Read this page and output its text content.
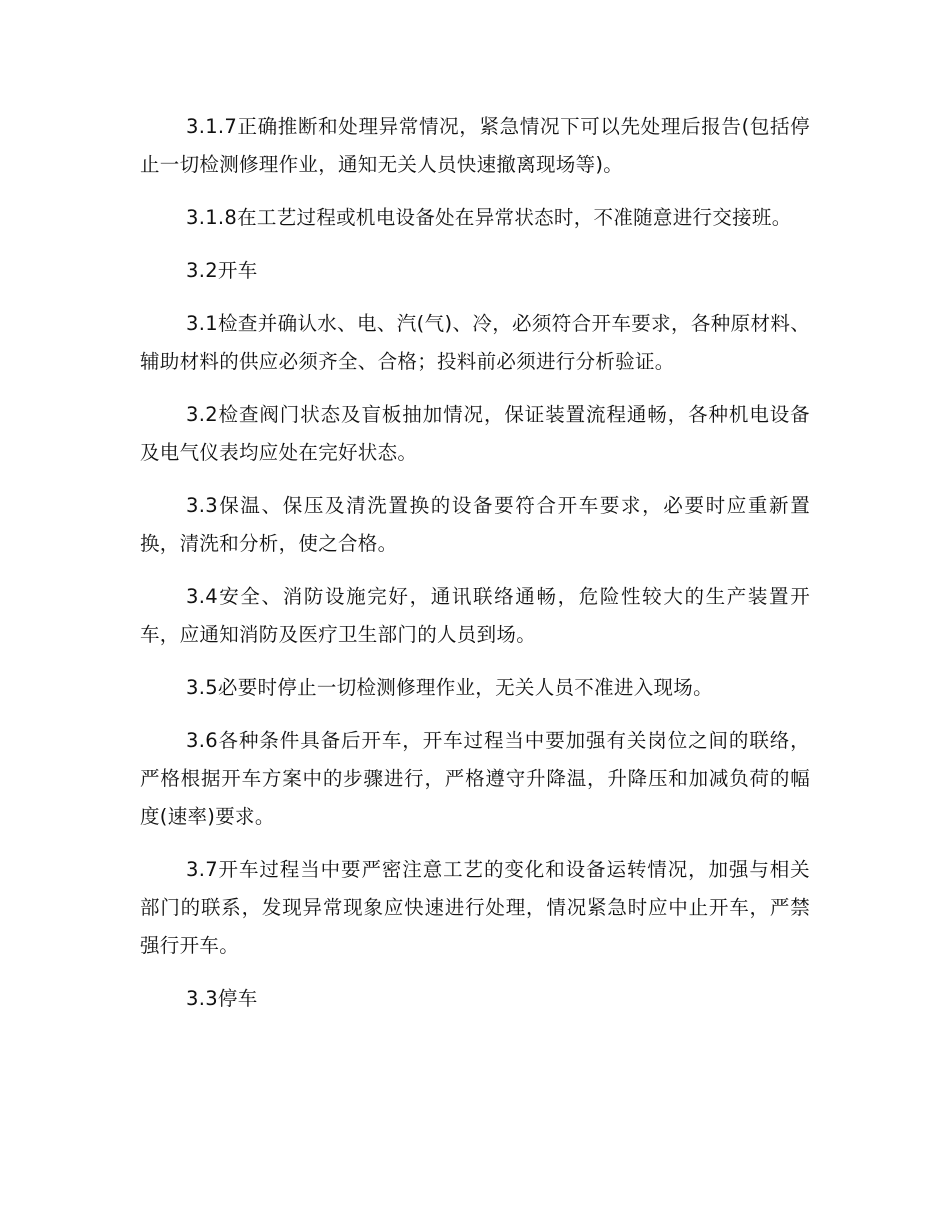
3.1.7正确推断和处理异常情况，紧急情况下可以先处理后报告(包括停止一切检测修理作业，通知无关人员快速撤离现场等)。

3.1.8在工艺过程或机电设备处在异常状态时，不准随意进行交接班。

3.2开车

3.1检查并确认水、电、汽(气)、冷，必须符合开车要求，各种原材料、辅助材料的供应必须齐全、合格；投料前必须进行分析验证。

3.2检查阀门状态及盲板抽加情况，保证装置流程通畅，各种机电设备及电气仪表均应处在完好状态。

3.3保温、保压及清洗置换的设备要符合开车要求，必要时应重新置换，清洗和分析，使之合格。

3.4安全、消防设施完好，通讯联络通畅，危险性较大的生产装置开车，应通知消防及医疗卫生部门的人员到场。

3.5必要时停止一切检测修理作业，无关人员不准进入现场。

3.6各种条件具备后开车，开车过程当中要加强有关岗位之间的联络，严格根据开车方案中的步骤进行，严格遵守升降温，升降压和加减负荷的幅度(速率)要求。

3.7开车过程当中要严密注意工艺的变化和设备运转情况，加强与相关部门的联系，发现异常现象应快速进行处理，情况紧急时应中止开车，严禁强行开车。

3.3停车
